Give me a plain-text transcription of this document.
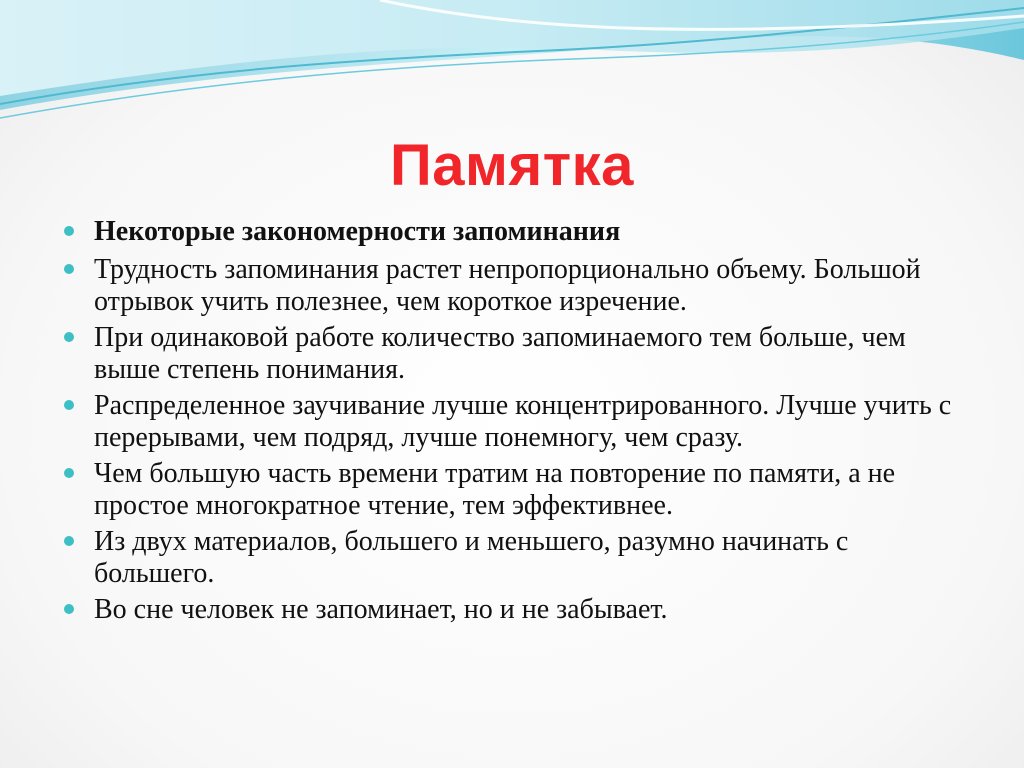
Памятка
Некоторые закономерности запоминания
Трудность запоминания растет непропорционально объему. Большой отрывок учить полезнее, чем короткое изречение.
При одинаковой работе количество запоминаемого тем больше, чем выше степень понимания.
Распределенное заучивание лучше концентрированного. Лучше учить с перерывами, чем подряд, лучше понемногу, чем сразу.
Чем большую часть времени тратим на повторение по памяти, а не простое многократное чтение, тем эффективнее.
Из двух материалов, большего и меньшего, разумно начинать с большего.
Во сне человек не запоминает, но и не забывает.
